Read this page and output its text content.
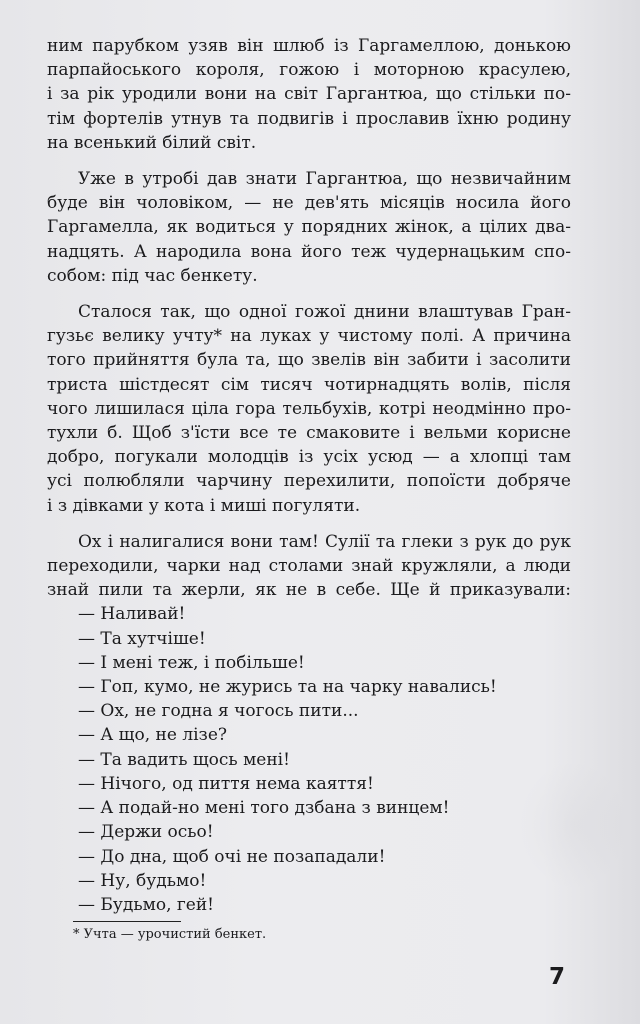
ним парубком узяв він шлюб із Гаргамеллою, донькою
парпайоського короля, гожою і моторною красулею,
і за рік уродили вони на світ Гаргантюа, що стільки по-
тім фортелів утнув та подвигів і прославив їхню родину
на всенький білий світ.
Уже в утробі дав знати Гаргантюа, що незвичайним
буде він чоловіком, — не дев'ять місяців носила його
Гаргамелла, як водиться у порядних жінок, а цілих два-
надцять. А народила вона його теж чудернацьким спо-
собом: під час бенкету.
Сталося так, що одної гожої днини влаштував Гран-
гузьє велику учту* на луках у чистому полі. А причина
того прийняття була та, що звелів він забити і засолити
триста шістдесят сім тисяч чотирнадцять волів, після
чого лишилася ціла гора тельбухів, котрі неодмінно про-
тухли б. Щоб з'їсти все те смаковите і вельми корисне
добро, погукали молодців із усіх усюд — а хлопці там
усі полюбляли чарчину перехилити, попоїсти добряче
і з дівками у кота і миші погуляти.
Ох і налигалися вони там! Сулії та глеки з рук до рук
переходили, чарки над столами знай кружляли, а люди
знай пили та жерли, як не в себе. Ще й приказували:
— Наливай!
— Та хутчіше!
— І мені теж, і побільше!
— Гоп, кумо, не журись та на чарку навались!
— Ох, не годна я чогось пити...
— А що, не лізе?
— Та вадить щось мені!
— Нічого, од пиття нема каяття!
— А подай-но мені того дзбана з винцем!
— Держи осьо!
— До дна, щоб очі не позападали!
— Ну, будьмо!
— Будьмо, гей!
* Учта — урочистий бенкет.
7
